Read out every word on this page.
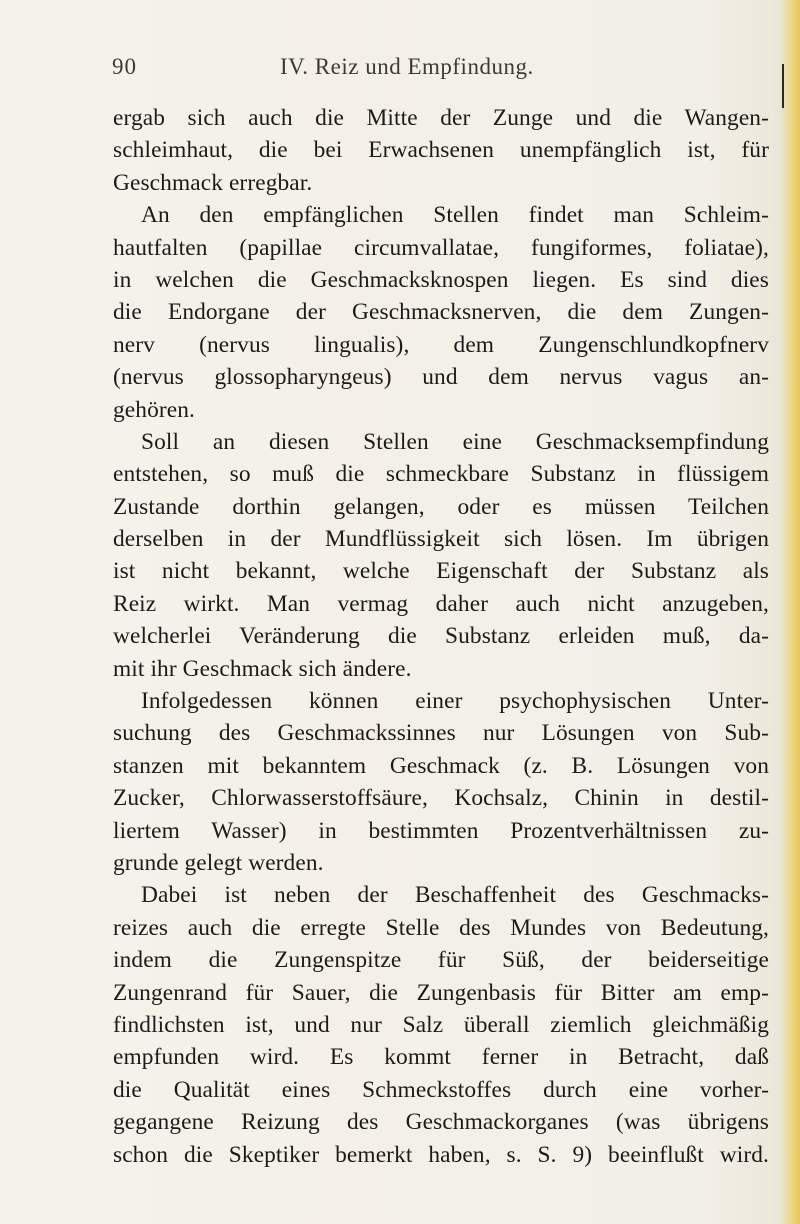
90	IV. Reiz und Empfindung.
ergab sich auch die Mitte der Zunge und die Wangen-
schleimhaut, die bei Erwachsenen unempfänglich ist, für
Geschmack erregbar.
An den empfänglichen Stellen findet man Schleim-
hautfalten (papillae circumvallatae, fungiformes, foliatae),
in welchen die Geschmacksknospen liegen. Es sind dies
die Endorgane der Geschmacksnerven, die dem Zungen-
nerv (nervus lingualis), dem Zungenschlundkopfnerv
(nervus glossopharyngeus) und dem nervus vagus an-
gehören.
Soll an diesen Stellen eine Geschmacksempfindung
entstehen, so muß die schmeckbare Substanz in flüssigem
Zustande dorthin gelangen, oder es müssen Teilchen
derselben in der Mundflüssigkeit sich lösen. Im übrigen
ist nicht bekannt, welche Eigenschaft der Substanz als
Reiz wirkt. Man vermag daher auch nicht anzugeben,
welcherlei Veränderung die Substanz erleiden muß, da-
mit ihr Geschmack sich ändere.
Infolgedessen können einer psychophysischen Unter-
suchung des Geschmackssinnes nur Lösungen von Sub-
stanzen mit bekanntem Geschmack (z. B. Lösungen von
Zucker, Chlorwasserstoffsäure, Kochsalz, Chinin in destil-
liertem Wasser) in bestimmten Prozentverhältnissen zu-
grunde gelegt werden.
Dabei ist neben der Beschaffenheit des Geschmacks-
reizes auch die erregte Stelle des Mundes von Bedeutung,
indem die Zungenspitze für Süß, der beiderseitige
Zungenrand für Sauer, die Zungenbasis für Bitter am emp-
findlichsten ist, und nur Salz überall ziemlich gleichmäßig
empfunden wird. Es kommt ferner in Betracht, daß
die Qualität eines Schmeckstoffes durch eine vorher-
gegangene Reizung des Geschmackorganes (was übrigens
schon die Skeptiker bemerkt haben, s. S. 9) beeinflußt wird.
